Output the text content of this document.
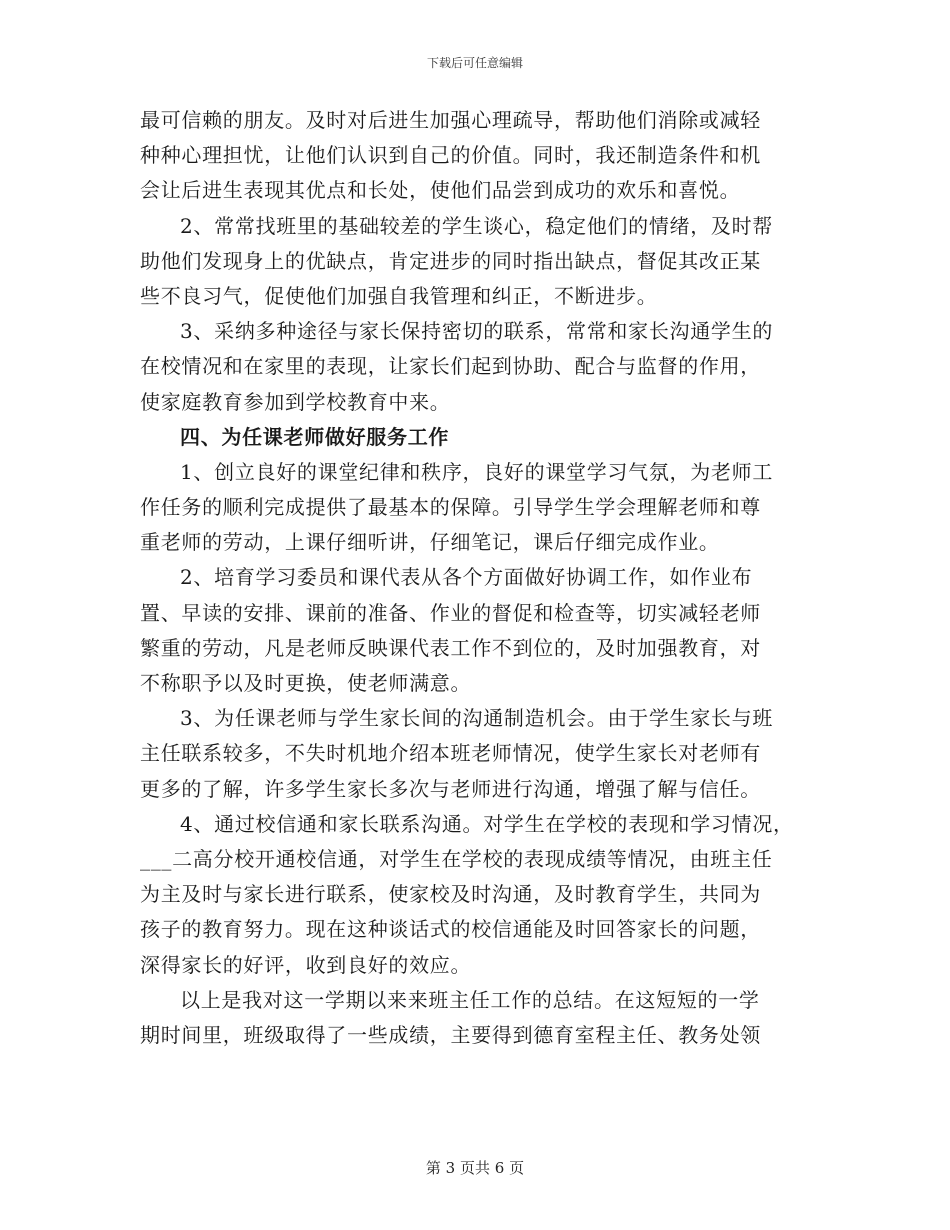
下载后可任意编辑
最可信赖的朋友。及时对后进生加强心理疏导，帮助他们消除或减轻
种种心理担忧，让他们认识到自己的价值。同时，我还制造条件和机
会让后进生表现其优点和长处，使他们品尝到成功的欢乐和喜悦。
2、常常找班里的基础较差的学生谈心，稳定他们的情绪，及时帮
助他们发现身上的优缺点，肯定进步的同时指出缺点，督促其改正某
些不良习气，促使他们加强自我管理和纠正，不断进步。
3、采纳多种途径与家长保持密切的联系，常常和家长沟通学生的
在校情况和在家里的表现，让家长们起到协助、配合与监督的作用，
使家庭教育参加到学校教育中来。
四、为任课老师做好服务工作
1、创立良好的课堂纪律和秩序，良好的课堂学习气氛，为老师工
作任务的顺利完成提供了最基本的保障。引导学生学会理解老师和尊
重老师的劳动，上课仔细听讲，仔细笔记，课后仔细完成作业。
2、培育学习委员和课代表从各个方面做好协调工作，如作业布
置、早读的安排、课前的准备、作业的督促和检查等，切实减轻老师
繁重的劳动，凡是老师反映课代表工作不到位的，及时加强教育，对
不称职予以及时更换，使老师满意。
3、为任课老师与学生家长间的沟通制造机会。由于学生家长与班
主任联系较多，不失时机地介绍本班老师情况，使学生家长对老师有
更多的了解，许多学生家长多次与老师进行沟通，增强了解与信任。
4、通过校信通和家长联系沟通。对学生在学校的表现和学习情况，
___二高分校开通校信通，对学生在学校的表现成绩等情况，由班主任
为主及时与家长进行联系，使家校及时沟通，及时教育学生，共同为
孩子的教育努力。现在这种谈话式的校信通能及时回答家长的问题，
深得家长的好评，收到良好的效应。
以上是我对这一学期以来来班主任工作的总结。在这短短的一学
期时间里，班级取得了一些成绩，主要得到德育室程主任、教务处领
第 3 页共 6 页
